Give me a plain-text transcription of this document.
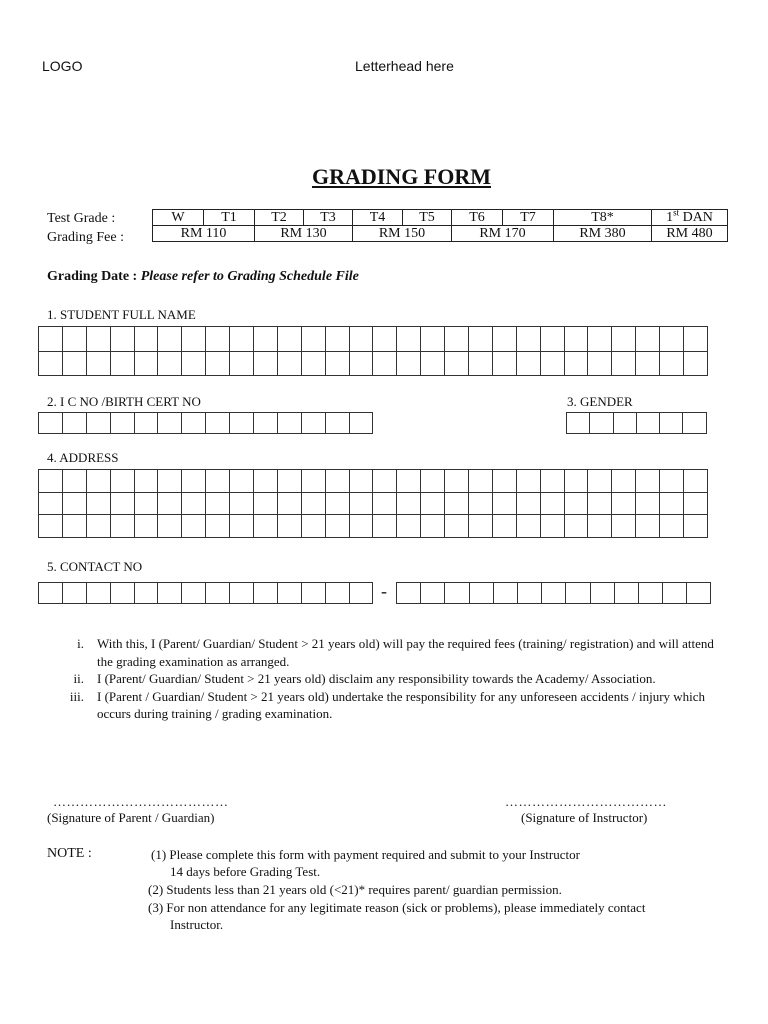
LOGO	Letterhead here
GRADING FORM
Test Grade :
Grading Fee :
W	T1	T2	T3	T4	T5	T6	T7	T8*	1st DAN
RM 110		RM 130		RM 150		RM 170		RM 380	RM 480
Grading Date : Please refer to Grading Schedule File
1. STUDENT FULL NAME
2. I C NO /BIRTH CERT NO	3. GENDER
4. ADDRESS
5. CONTACT NO
-
i. With this, I (Parent/ Guardian/ Student > 21 years old) will pay the required fees (training/ registration) and will attend the grading examination as arranged.
ii. I (Parent/ Guardian/ Student > 21 years old) disclaim any responsibility towards the Academy/ Association.
iii. I (Parent / Guardian/ Student > 21 years old) undertake the responsibility for any unforeseen accidents / injury which occurs during training / grading examination.
…………………………………
(Signature of Parent / Guardian)
………………………………
(Signature of Instructor)
NOTE :	(1) Please complete this form with payment required and submit to your Instructor
14 days before Grading Test.
(2) Students less than 21 years old (<21)* requires parent/ guardian permission.
(3) For non attendance for any legitimate reason (sick or problems), please immediately contact
Instructor.
